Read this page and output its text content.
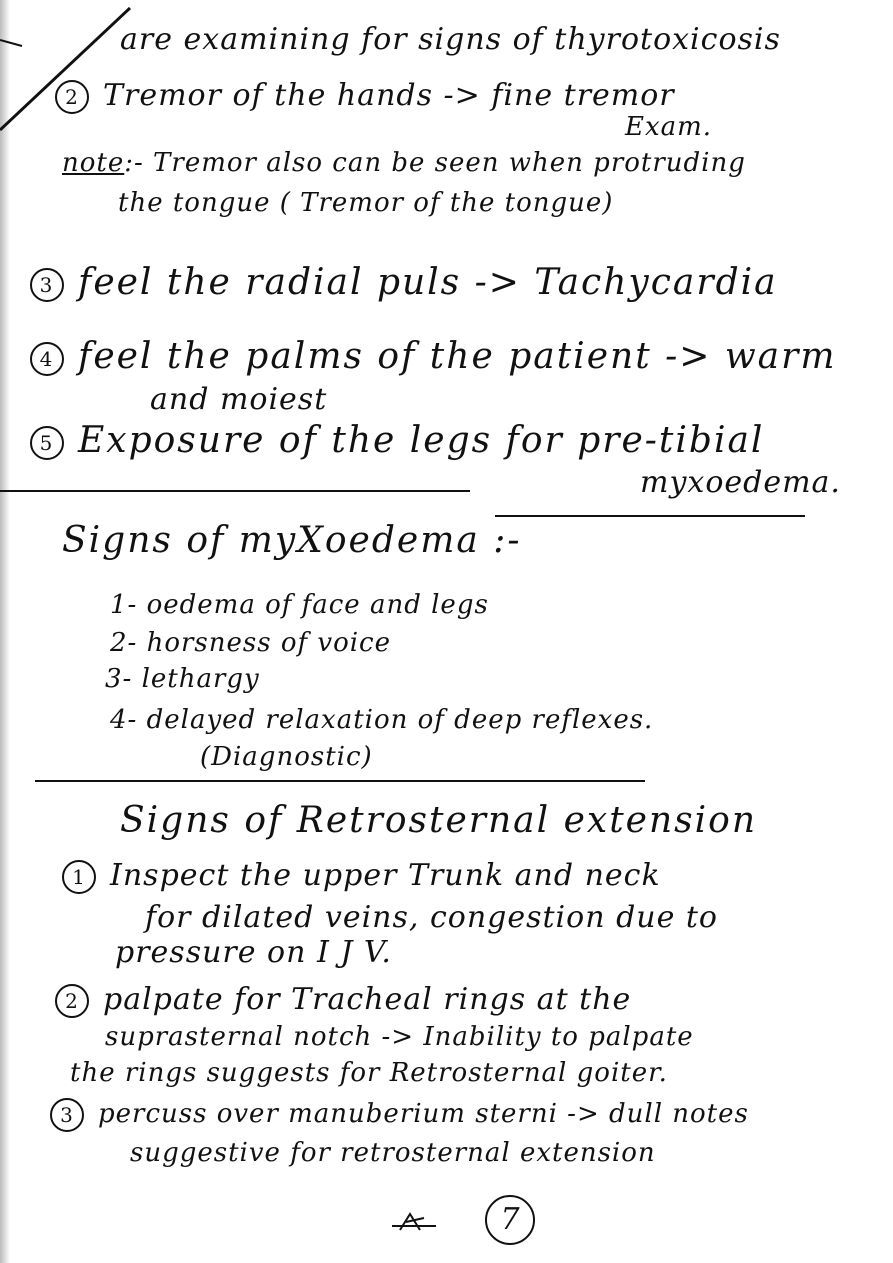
are examining for signs of thyrotoxicosis
2 Tremor of the hands -> fine tremor
Exam.
note:- Tremor also can be seen when protruding
the tongue ( Tremor of the tongue)
3 feel the radial puls -> Tachycardia
4 feel the palms of the patient -> warm
and moiest
5 Exposure of the legs for pre-tibial
myxoedema.
Signs of myXoedema :-
1- oedema of face and legs
2- horsness of voice
3- lethargy
4- delayed relaxation of deep reflexes.
(Diagnostic)
Signs of Retrosternal extension
1 Inspect the upper Trunk and neck
for dilated veins, congestion due to
pressure on I J V.
2 palpate for Tracheal rings at the
suprasternal notch -> Inability to palpate
the rings suggests for Retrosternal goiter.
3 percuss over manuberium sterni -> dull notes
suggestive for retrosternal extension
7
